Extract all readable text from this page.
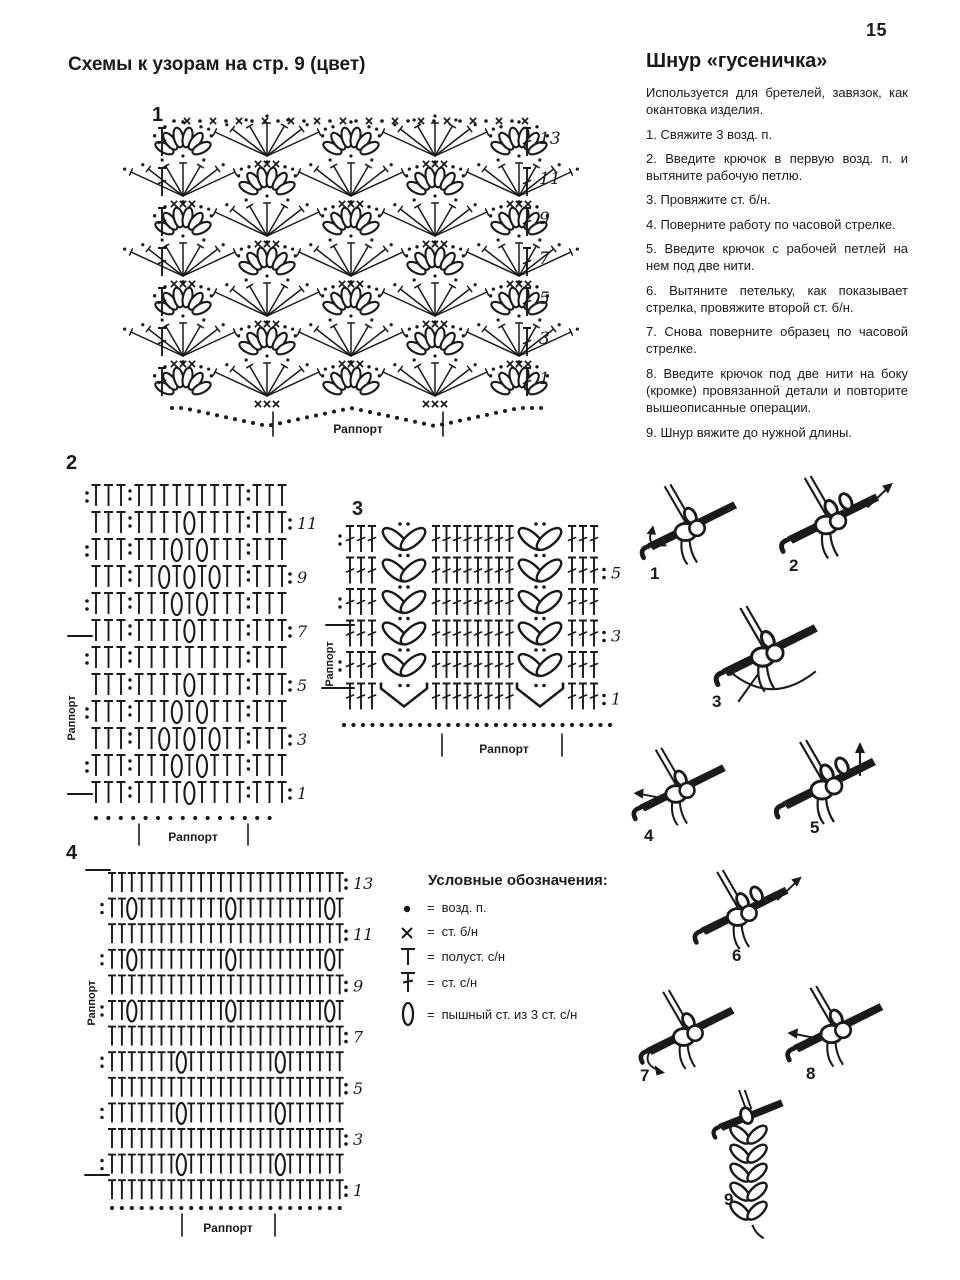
15
Схемы к узорам на стр. 9 (цвет)
1
13
11
9
7
5
3
1
Раппорт
2
11
9
7
5
3
1
Раппорт
Раппорт
3
5
3
1
Раппорт
Раппорт
4
13
11
9
7
5
3
1
Раппорт
Раппорт
Условные обозначения:
= возд. п.
= ст. б/н
= полуст. с/н
= ст. с/н
= пышный ст. из 3 ст. с/н
Шнур «гусеничка»

Используется для бретелей, завязок, как окантовка изделия.

1. Свяжите 3 возд. п.

2. Введите крючок в первую возд. п. и вытяните рабочую петлю.

3. Провяжите ст. б/н.

4. Поверните работу по часовой стрелке.

5. Введите крючок с рабочей петлей на нем под две нити.

6. Вытяните петельку, как показывает стрелка, провяжите второй ст. б/н.

7. Снова поверните образец по часовой стрелке.

8. Введите крючок под две нити на боку (кромке) провязанной детали и повторите вышеописанные операции.

9. Шнур вяжите до нужной длины.

1	2
3
4	5
6
7	8
9
